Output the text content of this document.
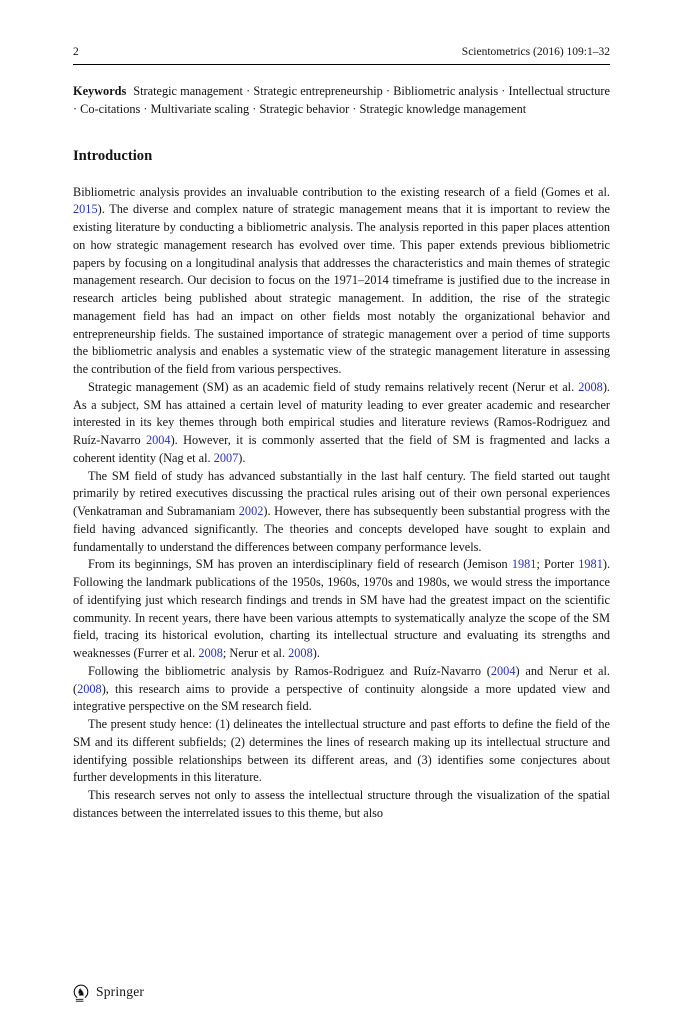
2	Scientometrics (2016) 109:1–32

Keywords Strategic management · Strategic entrepreneurship · Bibliometric analysis · Intellectual structure · Co-citations · Multivariate scaling · Strategic behavior · Strategic knowledge management

Introduction

Bibliometric analysis provides an invaluable contribution to the existing research of a field (Gomes et al. 2015). The diverse and complex nature of strategic management means that it is important to review the existing literature by conducting a bibliometric analysis. The analysis reported in this paper places attention on how strategic management research has evolved over time. This paper extends previous bibliometric papers by focusing on a longitudinal analysis that addresses the characteristics and main themes of strategic management research. Our decision to focus on the 1971–2014 timeframe is justified due to the increase in research articles being published about strategic management. In addition, the rise of the strategic management field has had an impact on other fields most notably the organizational behavior and entrepreneurship fields. The sustained importance of strategic management over a period of time supports the bibliometric analysis and enables a systematic view of the strategic management literature in assessing the contribution of the field from various perspectives.

Strategic management (SM) as an academic field of study remains relatively recent (Nerur et al. 2008). As a subject, SM has attained a certain level of maturity leading to ever greater academic and researcher interested in its key themes through both empirical studies and literature reviews (Ramos-Rodriguez and Ruíz-Navarro 2004). However, it is commonly asserted that the field of SM is fragmented and lacks a coherent identity (Nag et al. 2007).

The SM field of study has advanced substantially in the last half century. The field started out taught primarily by retired executives discussing the practical rules arising out of their own personal experiences (Venkatraman and Subramaniam 2002). However, there has subsequently been substantial progress with the field having advanced significantly. The theories and concepts developed have sought to explain and fundamentally to understand the differences between company performance levels.

From its beginnings, SM has proven an interdisciplinary field of research (Jemison 1981; Porter 1981). Following the landmark publications of the 1950s, 1960s, 1970s and 1980s, we would stress the importance of identifying just which research findings and trends in SM have had the greatest impact on the scientific community. In recent years, there have been various attempts to systematically analyze the scope of the SM field, tracing its historical evolution, charting its intellectual structure and evaluating its strengths and weaknesses (Furrer et al. 2008; Nerur et al. 2008).

Following the bibliometric analysis by Ramos-Rodriguez and Ruíz-Navarro (2004) and Nerur et al. (2008), this research aims to provide a perspective of continuity alongside a more updated view and integrative perspective on the SM research field.

The present study hence: (1) delineates the intellectual structure and past efforts to define the field of the SM and its different subfields; (2) determines the lines of research making up its intellectual structure and identifying possible relationships between its different areas, and (3) identifies some conjectures about further developments in this literature.

This research serves not only to assess the intellectual structure through the visualization of the spatial distances between the interrelated issues to this theme, but also

♞ Springer
